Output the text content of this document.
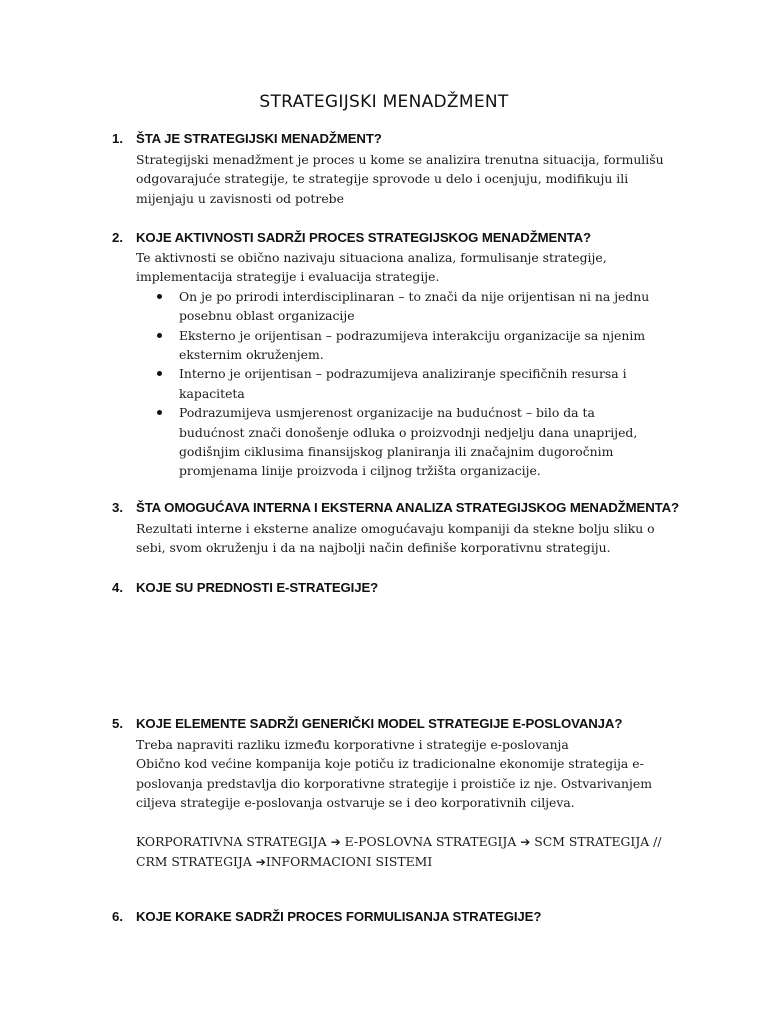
STRATEGIJSKI MENADŽMENT
1. ŠTA JE STRATEGIJSKI MENADŽMENT?

Strategijski menadžment je proces u kome se analizira trenutna situacija, formulišu odgovarajuće strategije, te strategije sprovode u delo i ocenjuju, modifikuju ili mijenjaju u zavisnosti od potrebe

2. KOJE AKTIVNOSTI SADRŽI PROCES STRATEGIJSKOG MENADŽMENTA?

Te aktivnosti se obično nazivaju situaciona analiza, formulisanje strategije, implementacija strategije i evaluacija strategije.

On je po prirodi interdisciplinaran – to znači da nije orijentisan ni na jednu posebnu oblast organizacije
Eksterno je orijentisan – podrazumijeva interakciju organizacije sa njenim eksternim okruženjem.
Interno je orijentisan – podrazumijeva analiziranje specifičnih resursa i kapaciteta
Podrazumijeva usmjerenost organizacije na budućnost – bilo da ta budućnost znači donošenje odluka o proizvodnji nedjelju dana unaprijed, godišnjim ciklusima finansijskog planiranja ili značajnim dugoročnim promjenama linije proizvoda i ciljnog tržišta organizacije.
3. ŠTA OMOGUĆAVA INTERNA I EKSTERNA ANALIZA STRATEGIJSKOG MENADŽMENTA?

Rezultati interne i eksterne analize omogućavaju kompaniji da stekne bolju sliku o sebi, svom okruženju i da na najbolji način definiše korporativnu strategiju.

4. KOJE SU PREDNOSTI E-STRATEGIJE?
5. KOJE ELEMENTE SADRŽI GENERIČKI MODEL STRATEGIJE E-POSLOVANJA?

Treba napraviti razliku između korporativne i strategije e-poslovanja

Obično kod većine kompanija koje potiču iz tradicionalne ekonomije strategija e-poslovanja predstavlja dio korporativne strategije i proističe iz nje. Ostvarivanjem ciljeva strategije e-poslovanja ostvaruje se i deo korporativnih ciljeva.

KORPORATIVNA STRATEGIJA ➔ E-POSLOVNA STRATEGIJA ➔ SCM STRATEGIJA // CRM STRATEGIJA ➔INFORMACIONI SISTEMI

6. KOJE KORAKE SADRŽI PROCES FORMULISANJA STRATEGIJE?
